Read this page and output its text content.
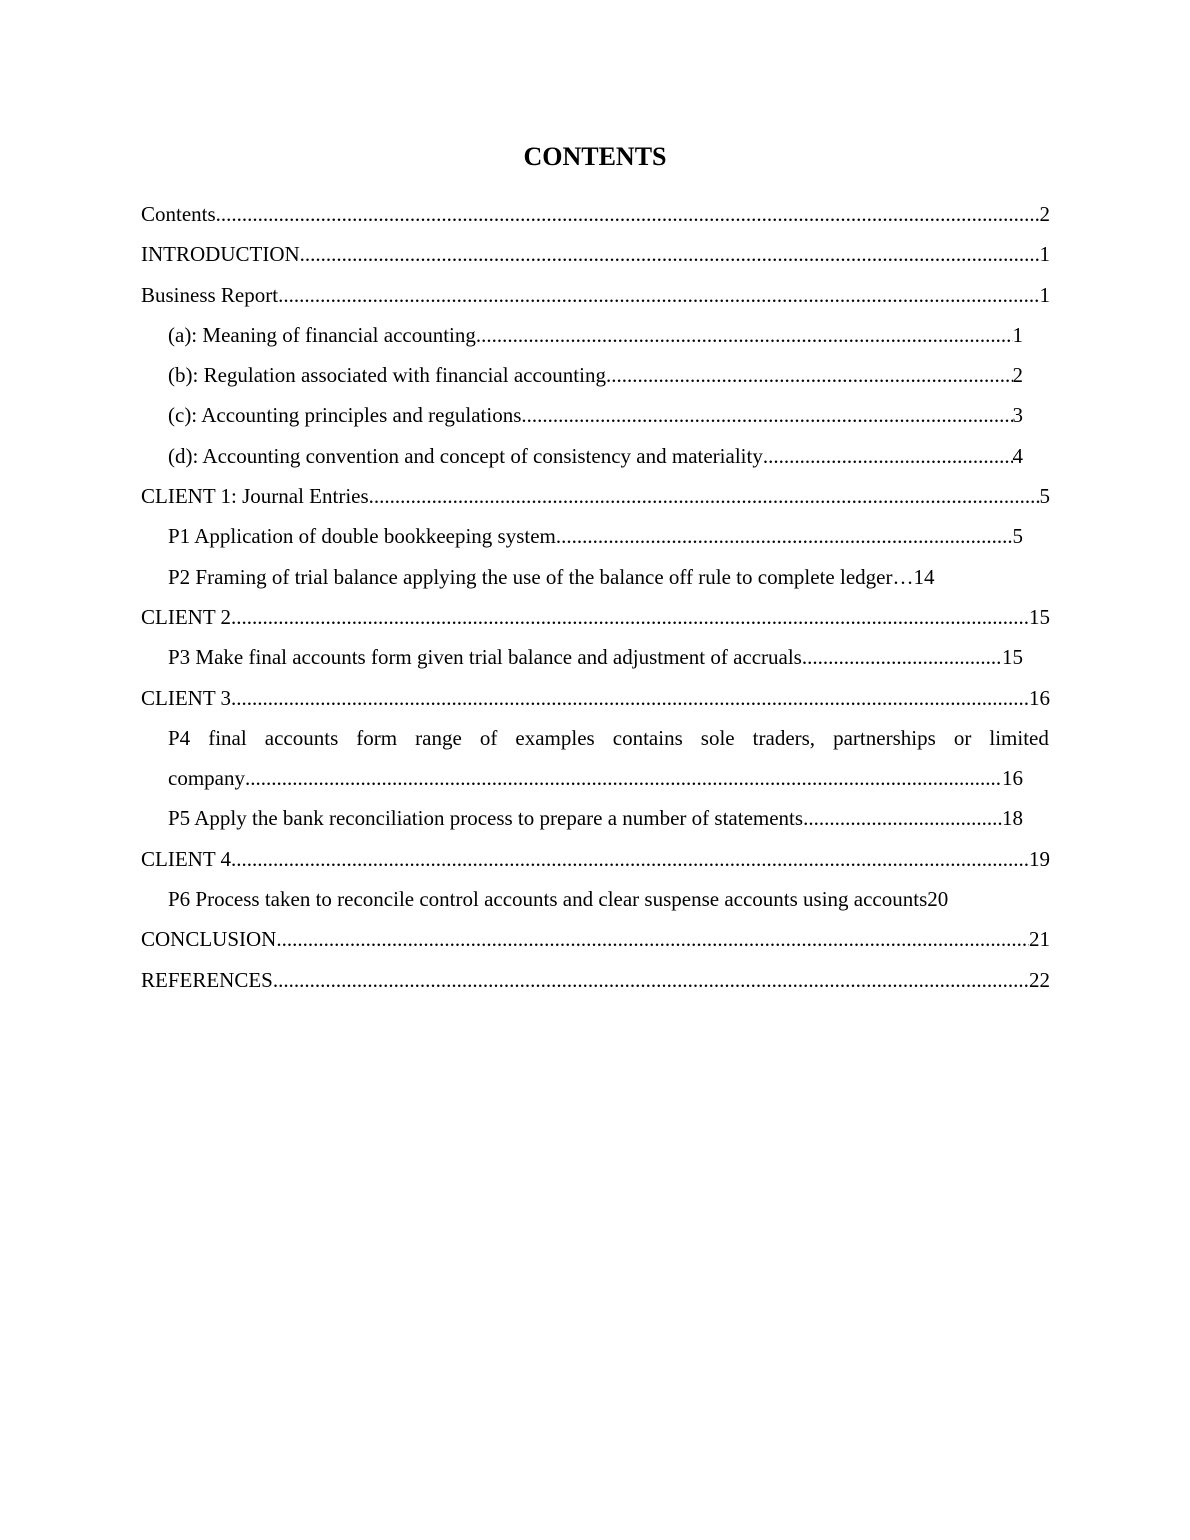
CONTENTS
Contents .....	2
INTRODUCTION .....	1
Business Report .....	1
(a): Meaning of financial accounting .....	1
(b): Regulation associated with financial accounting .....	2
(c): Accounting principles and regulations .....	3
(d): Accounting convention and concept of consistency and materiality .....	4
CLIENT 1: Journal Entries .....	5
P1 Application of double bookkeeping system .....	5
P2 Framing of trial balance applying the use of the balance off rule to complete ledger… 14
CLIENT 2 .....	15
P3 Make final accounts form given trial balance and adjustment of accruals .....	15
CLIENT 3 .....	16
P4 final accounts form range of examples contains sole traders, partnerships or limited
company .....	16
P5 Apply the bank reconciliation process to prepare a number of statements .....	18
CLIENT 4 .....	19
P6 Process taken to reconcile control accounts and clear suspense accounts using accounts 20
CONCLUSION .....	21
REFERENCES .....	22
